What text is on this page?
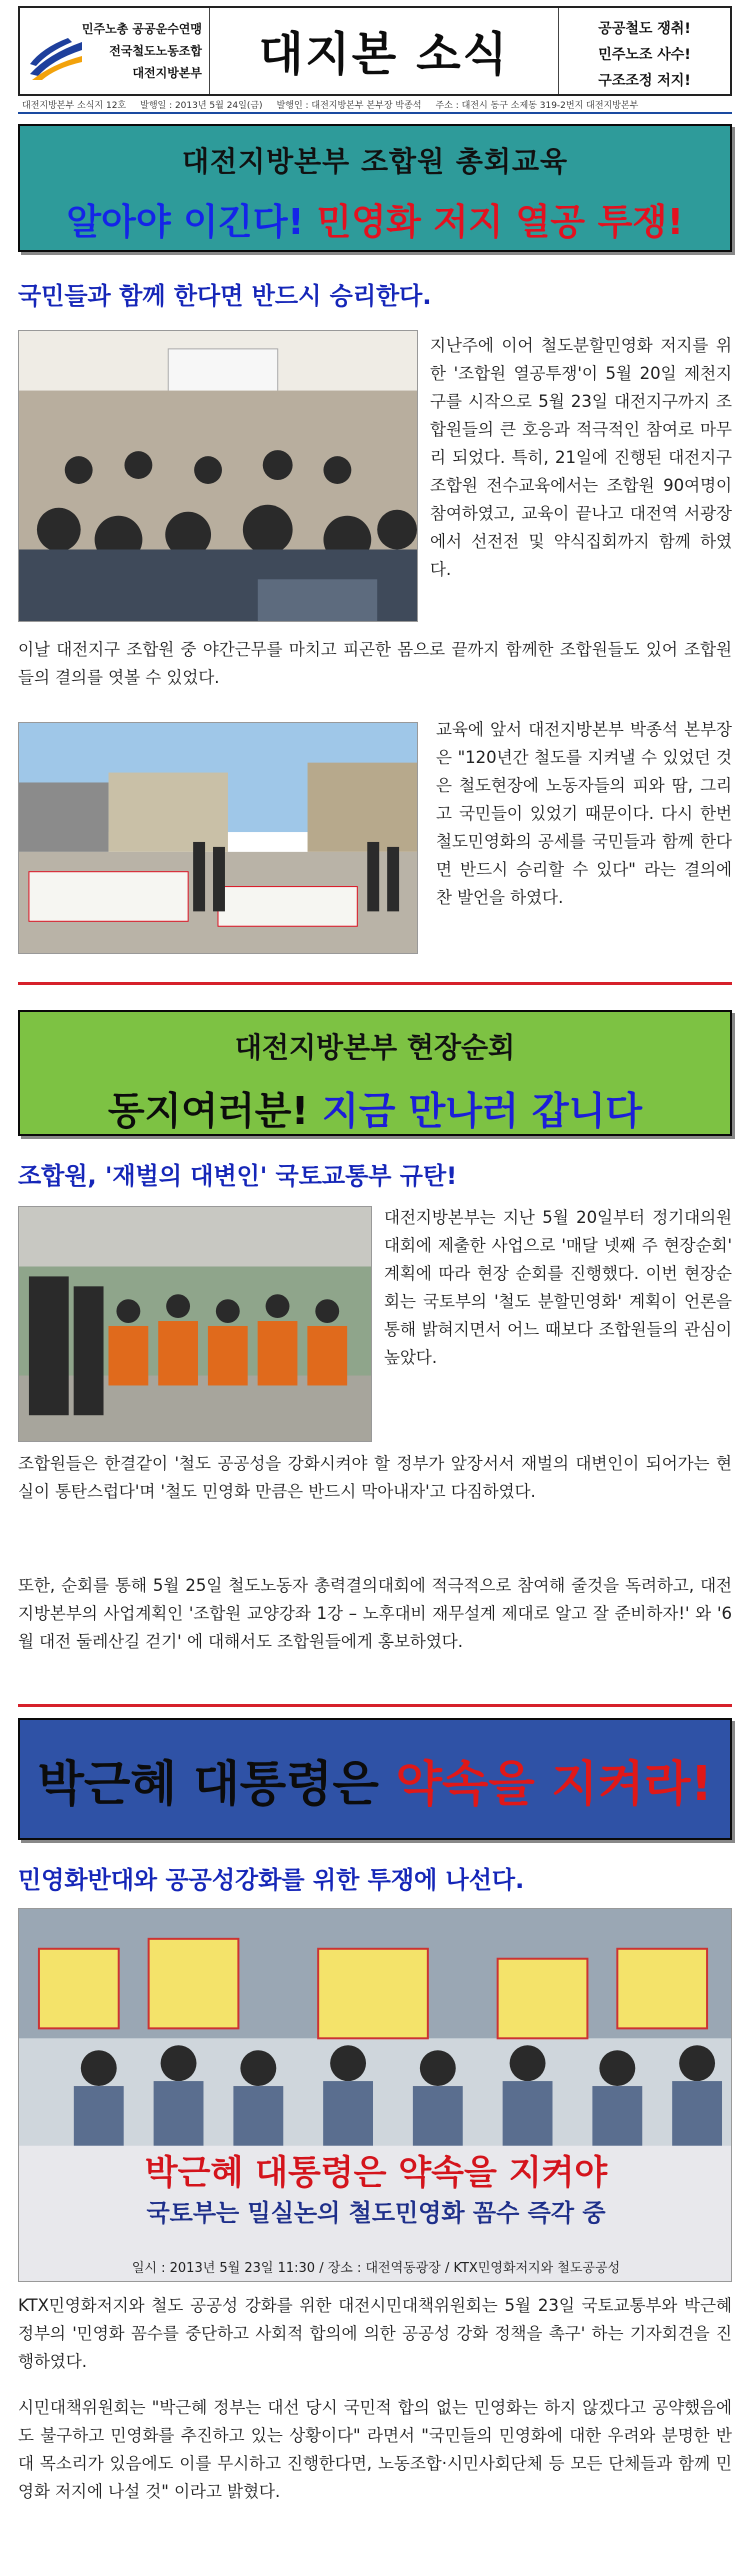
민주노총 공공운수연맹
전국철도노동조합
대전지방본부	대지본 소식	공공철도 쟁취!
민주노조 사수!
구조조정 저지!
대전지방본부 소식지 12호 발행일 : 2013년 5월 24일(금) 발행인 : 대전지방본부 본부장 박종석 주소 : 대전시 동구 소제동 319-2번지 대전지방본부
대전지방본부 조합원 총회교육
알아야 이긴다! 민영화 저지 열공 투쟁!
국민들과 함께 한다면 반드시 승리한다.
지난주에 이어 철도분할민영화 저지를 위한 '조합원 열공투쟁'이 5월 20일 제천지구를 시작으로 5월 23일 대전지구까지 조합원들의 큰 호응과 적극적인 참여로 마무리 되었다. 특히, 21일에 진행된 대전지구 조합원 전수교육에서는 조합원 90여명이 참여하였고, 교육이 끝나고 대전역 서광장에서 선전전 및 약식집회까지 함께 하였다.
이날 대전지구 조합원 중 야간근무를 마치고 피곤한 몸으로 끝까지 함께한 조합원들도 있어 조합원들의 결의를 엿볼 수 있었다.
교육에 앞서 대전지방본부 박종석 본부장은 "120년간 철도를 지켜낼 수 있었던 것은 철도현장에 노동자들의 피와 땀, 그리고 국민들이 있었기 때문이다. 다시 한번 철도민영화의 공세를 국민들과 함께 한다면 반드시 승리할 수 있다" 라는 결의에 찬 발언을 하였다.
대전지방본부 현장순회
동지여러분! 지금 만나러 갑니다
조합원, '재벌의 대변인' 국토교통부 규탄!
대전지방본부는 지난 5월 20일부터 정기대의원대회에 제출한 사업으로 '매달 넷째 주 현장순회' 계획에 따라 현장 순회를 진행했다. 이번 현장순회는 국토부의 '철도 분할민영화' 계획이 언론을 통해 밝혀지면서 어느 때보다 조합원들의 관심이 높았다.
조합원들은 한결같이 '철도 공공성을 강화시켜야 할 정부가 앞장서서 재벌의 대변인이 되어가는 현실이 통탄스럽다'며 '철도 민영화 만큼은 반드시 막아내자'고 다짐하였다.
또한, 순회를 통해 5월 25일 철도노동자 총력결의대회에 적극적으로 참여해 줄것을 독려하고, 대전지방본부의 사업계획인 '조합원 교양강좌 1강 – 노후대비 재무설계 제대로 알고 잘 준비하자!' 와 '6월 대전 둘레산길 걷기' 에 대해서도 조합원들에게 홍보하였다.
박근혜 대통령은 약속을 지켜라!
민영화반대와 공공성강화를 위한 투쟁에 나선다.
박근혜 대통령은 약속을 지켜야
국토부는 밀실논의 철도민영화 꼼수 즉각 중
일시 : 2013년 5월 23일 11:30 / 장소 : 대전역동광장 / KTX민영화저지와 철도공공성
KTX민영화저지와 철도 공공성 강화를 위한 대전시민대책위원회는 5월 23일 국토교통부와 박근혜 정부의 '민영화 꼼수를 중단하고 사회적 합의에 의한 공공성 강화 정책을 촉구' 하는 기자회견을 진행하였다.
시민대책위원회는 "박근혜 정부는 대선 당시 국민적 합의 없는 민영화는 하지 않겠다고 공약했음에도 불구하고 민영화를 추진하고 있는 상황이다" 라면서 "국민들의 민영화에 대한 우려와 분명한 반대 목소리가 있음에도 이를 무시하고 진행한다면, 노동조합·시민사회단체 등 모든 단체들과 함께 민영화 저지에 나설 것" 이라고 밝혔다.
